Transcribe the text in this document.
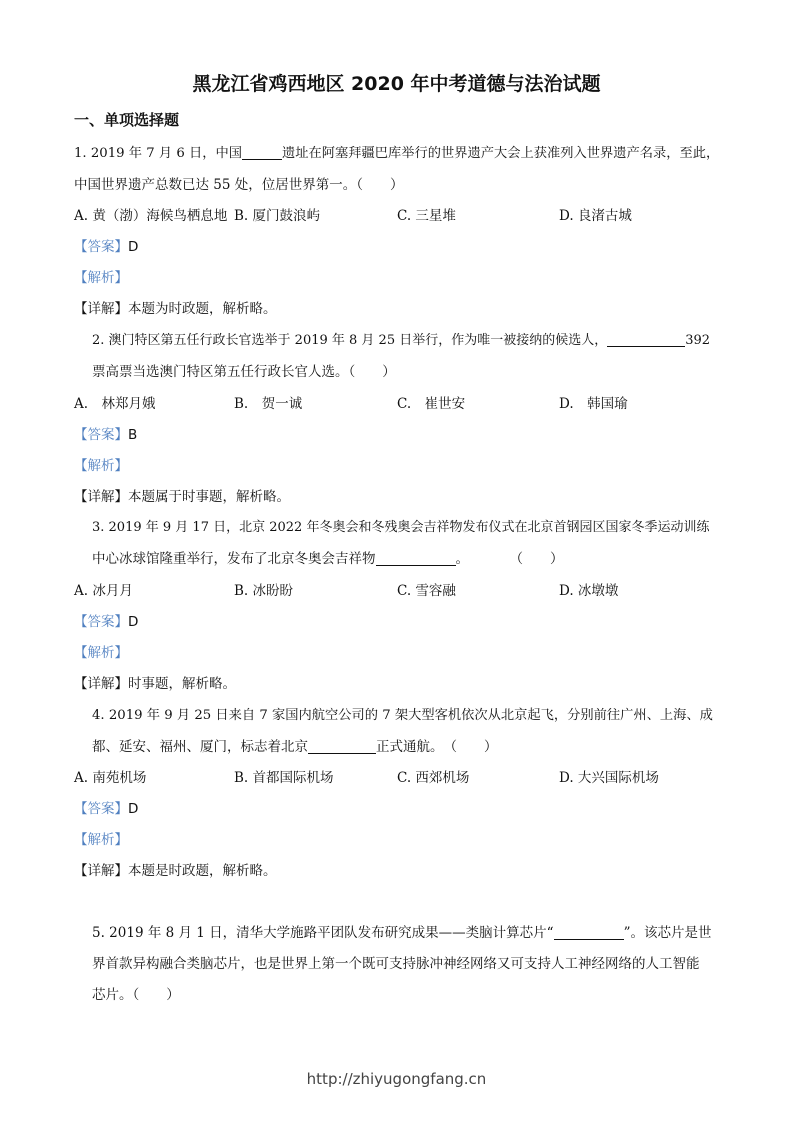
黑龙江省鸡西地区 2020 年中考道德与法治试题
一、单项选择题
1. 2019 年 7 月 6 日，中国	遗址在阿塞拜疆巴库举行的世界遗产大会上获准列入世界遗产名录，至此，
中国世界遗产总数已达 55 处，位居世界第一。（　　）
A. 黄（渤）海候鸟栖息地 B. 厦门鼓浪屿	C. 三星堆	D. 良渚古城
【答案】D
【解析】
【详解】本题为时政题，解析略。
2. 澳门特区第五任行政长官选举于 2019 年 8 月 25 日举行，作为唯一被接纳的候选人，	392
票高票当选澳门特区第五任行政长官人选。（　　）
A.　林郑月娥	B.　贺一诚	C.　崔世安	D.　韩国瑜
【答案】B
【解析】
【详解】本题属于时事题，解析略。
3. 2019 年 9 月 17 日，北京 2022 年冬奥会和冬残奥会吉祥物发布仪式在北京首钢园区国家冬季运动训练
中心冰球馆隆重举行，发布了北京冬奥会吉祥物	。　　　　（　　）
A. 冰月月	B. 冰盼盼	C. 雪容融	D. 冰墩墩
【答案】D
【解析】
【详解】时事题，解析略。
4. 2019 年 9 月 25 日来自 7 家国内航空公司的 7 架大型客机依次从北京起飞，分别前往广州、上海、成
都、延安、福州、厦门，标志着北京	正式通航。　（　　）
A. 南苑机场	B. 首都国际机场	C. 西郊机场	D. 大兴国际机场
【答案】D
【解析】
【详解】本题是时政题，解析略。
5. 2019 年 8 月 1 日，清华大学施路平团队发布研究成果——类脑计算芯片“	”。该芯片是世
界首款异构融合类脑芯片，也是世界上第一个既可支持脉冲神经网络又可支持人工神经网络的人工智能
芯片。（　　）
http://zhiyugongfang.cn
